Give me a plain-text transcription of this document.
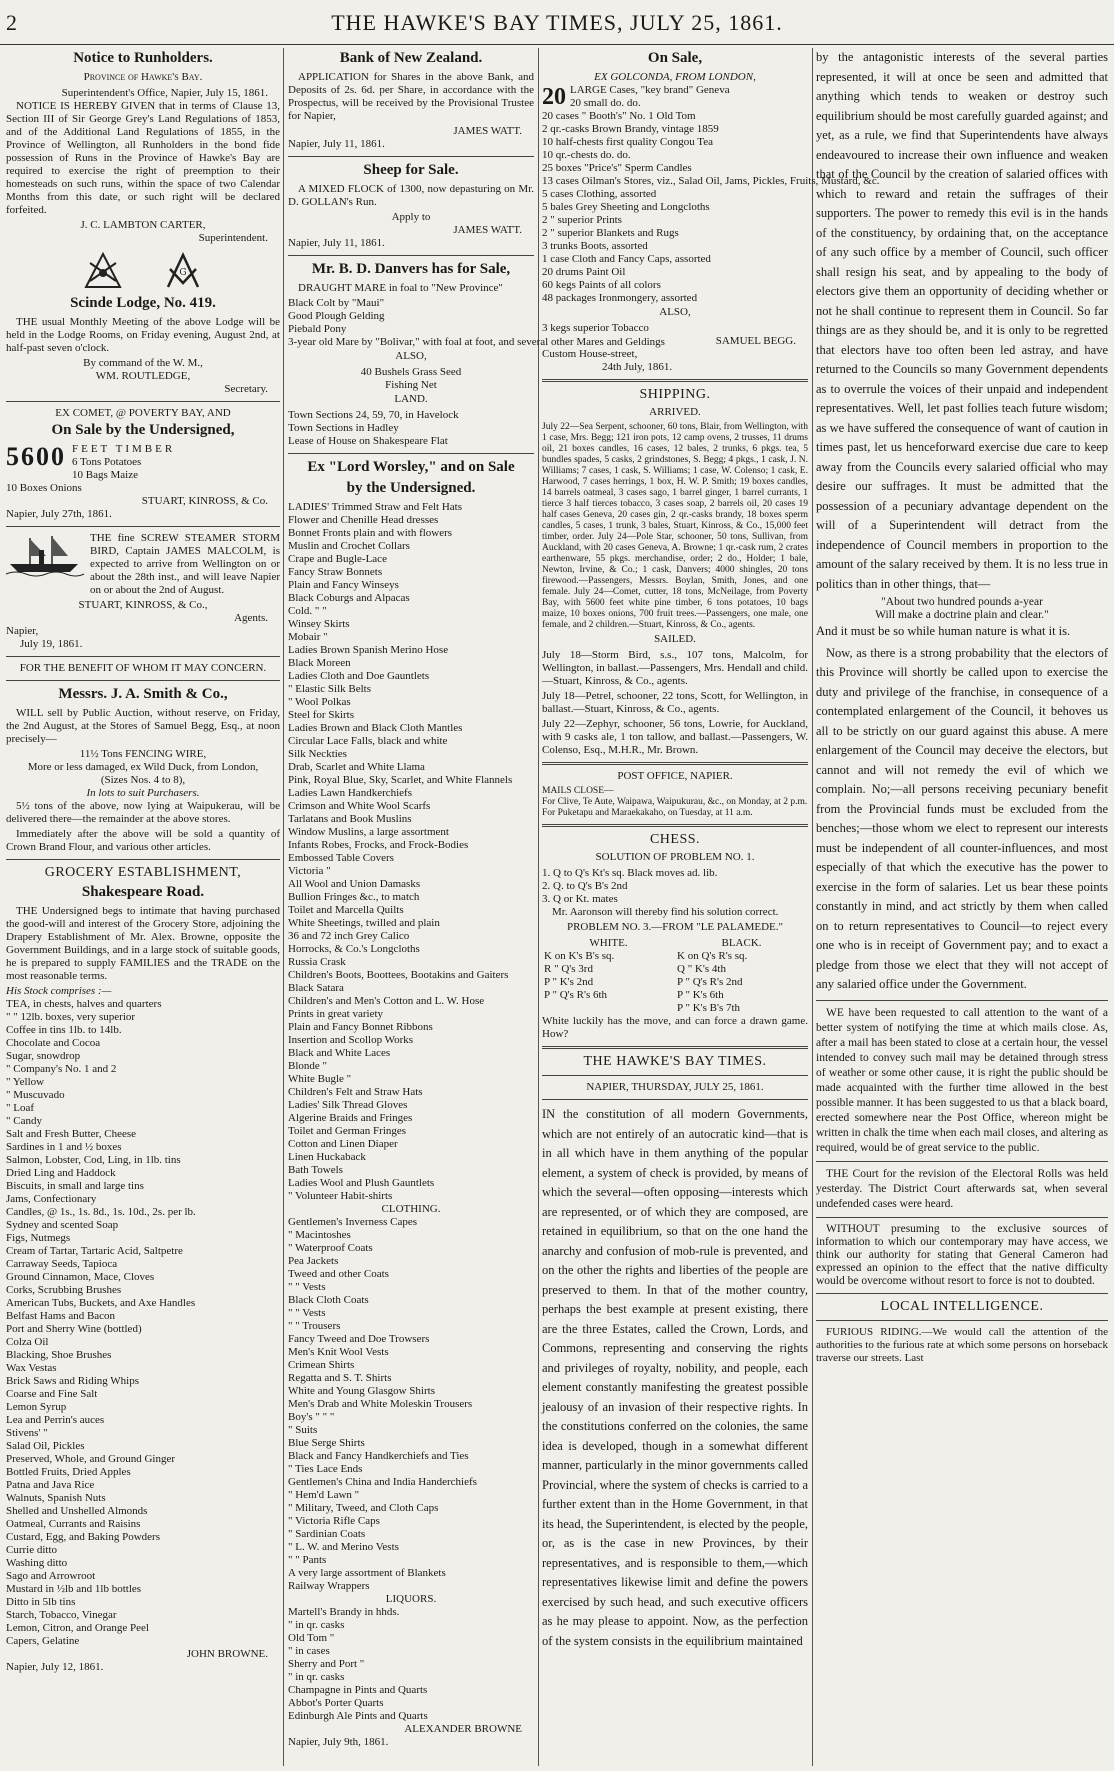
2	THE HAWKE'S BAY TIMES, JULY 25, 1861.
Notice to Runholders.
Province of Hawke's Bay.
Superintendent's Office, Napier, July 15, 1861.

NOTICE IS HEREBY GIVEN that in terms of Clause 13, Section III of Sir George Grey's Land Regulations of 1853, and of the Additional Land Regulations of 1855, in the Province of Wellington, all Runholders in the bond fide possession of Runs in the Province of Hawke's Bay are required to exercise the right of preemption to their homesteads on such runs, within the space of two Calendar Months from this date, or such right will be declared forfeited.

J. C. LAMBTON CARTER,
Superintendent.
G
Scinde Lodge, No. 419.

THE usual Monthly Meeting of the above Lodge will be held in the Lodge Rooms, on Friday evening, August 2nd, at half-past seven o'clock.

By command of the W. M.,
WM. ROUTLEDGE,
Secretary.
EX COMET, @ POVERTY BAY, AND
On Sale by the Undersigned,
5600 FEET TIMBER
6 Tons Potatoes
10 Bags Maize
10 Boxes Onions
STUART, KINROSS, & Co.
Napier, July 27th, 1861.

THE fine SCREW STEAMER STORM BIRD, Captain JAMES MALCOLM, is expected to arrive from Wellington on or about the 28th inst., and will leave Napier on or about the 2nd of August.

STUART, KINROSS, & Co.,
Agents.
Napier,
July 19, 1861.
FOR THE BENEFIT OF WHOM IT MAY CONCERN.
Messrs. J. A. Smith & Co.,

WILL sell by Public Auction, without reserve, on Friday, the 2nd August, at the Stores of Samuel Begg, Esq., at noon precisely—

11½ Tons FENCING WIRE,
More or less damaged, ex Wild Duck, from London,
(Sizes Nos. 4 to 8),
In lots to suit Purchasers.

5½ tons of the above, now lying at Waipukerau, will be delivered there—the remainder at the above stores.

Immediately after the above will be sold a quantity of Crown Brand Flour, and various other articles.

GROCERY ESTABLISHMENT,
Shakespeare Road.

THE Undersigned begs to intimate that having purchased the good-will and interest of the Grocery Store, adjoining the Drapery Establishment of Mr. Alex. Browne, opposite the Government Buildings, and in a large stock of suitable goods, he is prepared to supply FAMILIES and the TRADE on the most reasonable terms.

His Stock comprises :—
TEA, in chests, halves and quarters
" " 12lb. boxes, very superior
Coffee in tins 1lb. to 14lb.
Chocolate and Cocoa
Sugar, snowdrop
" Company's No. 1 and 2
" Yellow
" Muscuvado
" Loaf
" Candy
Salt and Fresh Butter, Cheese
Sardines in 1 and ½ boxes
Salmon, Lobster, Cod, Ling, in 1lb. tins
Dried Ling and Haddock
Biscuits, in small and large tins
Jams, Confectionary
Candles, @ 1s., 1s. 8d., 1s. 10d., 2s. per lb.
Sydney and scented Soap
Figs, Nutmegs
Cream of Tartar, Tartaric Acid, Saltpetre
Carraway Seeds, Tapioca
Ground Cinnamon, Mace, Cloves
Corks, Scrubbing Brushes
American Tubs, Buckets, and Axe Handles
Belfast Hams and Bacon
Port and Sherry Wine (bottled)
Colza Oil
Blacking, Shoe Brushes
Wax Vestas
Brick Saws and Riding Whips
Coarse and Fine Salt
Lemon Syrup
Lea and Perrin's auces
Stivens' "
Salad Oil, Pickles
Preserved, Whole, and Ground Ginger
Bottled Fruits, Dried Apples
Patna and Java Rice
Walnuts, Spanish Nuts
Shelled and Unshelled Almonds
Oatmeal, Currants and Raisins
Custard, Egg, and Baking Powders
Currie ditto
Washing ditto
Sago and Arrowroot
Mustard in ½lb and 1lb bottles
Ditto in 5lb tins
Starch, Tobacco, Vinegar
Lemon, Citron, and Orange Peel
Capers, Gelatine
JOHN BROWNE.
Napier, July 12, 1861.
Bank of New Zealand.

APPLICATION for Shares in the above Bank, and Deposits of 2s. 6d. per Share, in accordance with the Prospectus, will be received by the Provisional Trustee for Napier,

JAMES WATT.
Napier, July 11, 1861.
Sheep for Sale.

A MIXED FLOCK of 1300, now depasturing on Mr. D. GOLLAN's Run.

Apply to
JAMES WATT.
Napier, July 11, 1861.
Mr. B. D. Danvers has for Sale,

DRAUGHT MARE in foal to "New Province"

Black Colt by "Maui"
Good Plough Gelding
Piebald Pony
3-year old Mare by "Bolivar," with foal at foot, and several other Mares and Geldings
ALSO,
40 Bushels Grass Seed
Fishing Net
LAND.
Town Sections 24, 59, 70, in Havelock
Town Sections in Hadley
Lease of House on Shakespeare Flat
Ex "Lord Worsley," and on Sale
by the Undersigned.
LADIES' Trimmed Straw and Felt Hats
Flower and Chenille Head dresses
Bonnet Fronts plain and with flowers
Muslin and Crochet Collars
Crape and Bugle-Lace
Fancy Straw Bonnets
Plain and Fancy Winseys
Black Coburgs and Alpacas
Cold. " "
Winsey Skirts
Mobair "
Ladies Brown Spanish Merino Hose
Black Moreen
Ladies Cloth and Doe Gauntlets
" Elastic Silk Belts
" Wool Polkas
Steel for Skirts
Ladies Brown and Black Cloth Mantles
Circular Lace Falls, black and white
Silk Neckties
Drab, Scarlet and White Llama
Pink, Royal Blue, Sky, Scarlet, and White Flannels
Ladies Lawn Handkerchiefs
Crimson and White Wool Scarfs
Tarlatans and Book Muslins
Window Muslins, a large assortment
Infants Robes, Frocks, and Frock-Bodies
Embossed Table Covers
Victoria "
All Wool and Union Damasks
Bullion Fringes &c., to match
Toilet and Marcella Quilts
White Sheetings, twilled and plain
36 and 72 inch Grey Calico
Horrocks, & Co.'s Longcloths
Russia Crask
Children's Boots, Boottees, Bootakins and Gaiters
Black Satara
Children's and Men's Cotton and L. W. Hose
Prints in great variety
Plain and Fancy Bonnet Ribbons
Insertion and Scollop Works
Black and White Laces
Blonde "
White Bugle "
Children's Felt and Straw Hats
Ladies' Silk Thread Gloves
Algerine Braids and Fringes
Toilet and German Fringes
Cotton and Linen Diaper
Linen Huckaback
Bath Towels
Ladies Wool and Plush Gauntlets
" Volunteer Habit-shirts
CLOTHING.
Gentlemen's Inverness Capes
" Macintoshes
" Waterproof Coats
Pea Jackets
Tweed and other Coats
" " Vests
Black Cloth Coats
" " Vests
" " Trousers
Fancy Tweed and Doe Trowsers
Men's Knit Wool Vests
Crimean Shirts
Regatta and S. T. Shirts
White and Young Glasgow Shirts
Men's Drab and White Moleskin Trousers
Boy's " " "
" Suits
Blue Serge Shirts
Black and Fancy Handkerchiefs and Ties
" Ties Lace Ends
Gentlemen's China and India Handerchiefs
" Hem'd Lawn "
" Military, Tweed, and Cloth Caps
" Victoria Rifle Caps
" Sardinian Coats
" L. W. and Merino Vests
" " Pants
A very large assortment of Blankets
Railway Wrappers
LIQUORS.
Martell's Brandy in hhds.
" in qr. casks
Old Tom "
" in cases
Sherry and Port "
" in qr. casks
Champagne in Pints and Quarts
Abbot's Porter Quarts
Edinburgh Ale Pints and Quarts
ALEXANDER BROWNE
Napier, July 9th, 1861.
On Sale,
EX GOLCONDA, FROM LONDON,
20 LARGE Cases, "key brand" Geneva
20 small do. do.
20 cases " Booth's" No. 1 Old Tom
2 qr.-casks Brown Brandy, vintage 1859
10 half-chests first quality Congou Tea
10 qr.-chests do. do.
25 boxes "Price's" Sperm Candles
13 cases Oilman's Stores, viz., Salad Oil, Jams, Pickles, Fruits, Mustard, &c.
5 cases Clothing, assorted
5 bales Grey Sheeting and Longcloths
2 " superior Prints
2 " superior Blankets and Rugs
3 trunks Boots, assorted
1 case Cloth and Fancy Caps, assorted
20 drums Paint Oil
60 kegs Paints of all colors
48 packages Ironmongery, assorted
ALSO,
3 kegs superior Tobacco
SAMUEL BEGG.
Custom House-street,
24th July, 1861.
SHIPPING.
ARRIVED.

July 22—Sea Serpent, schooner, 60 tons, Blair, from Wellington, with 1 case, Mrs. Begg; 121 iron pots, 12 camp ovens, 2 trusses, 11 drums oil, 21 boxes candles, 16 cases, 12 bales, 2 trunks, 6 pkgs. tea, 5 bundles spades, 5 casks, 2 grindstones, S. Begg; 4 pkgs., 1 cask, J. N. Williams; 7 cases, 1 cask, S. Williams; 1 case, W. Colenso; 1 cask, E. Harwood, 7 cases herrings, 1 box, H. W. P. Smith; 19 boxes candles, 14 barrels oatmeal, 3 cases sago, 1 barrel ginger, 1 barrel currants, 1 tierce 3 half tierces tobacco, 3 cases soap, 2 barrels oil, 20 cases 19 half cases Geneva, 20 cases gin, 2 qr.-casks brandy, 18 boxes sperm candles, 5 cases, 1 trunk, 3 bales, Stuart, Kinross, & Co., 15,000 feet timber, order. July 24—Pole Star, schooner, 50 tons, Sullivan, from Auckland, with 20 cases Geneva, A. Browne; 1 qr.-cask rum, 2 crates earthenware, 55 pkgs. merchandise, order; 2 do., Holder; 1 bale, Newton, Irvine, & Co.; 1 cask, Danvers; 4000 shingles, 20 tons firewood.—Passengers, Messrs. Boylan, Smith, Jones, and one female. July 24—Comet, cutter, 18 tons, McNeilage, from Poverty Bay, with 5600 feet white pine timber, 6 tons potatoes, 10 bags maize, 10 boxes onions, 700 fruit trees.—Passengers, one male, one female, and 2 children.—Stuart, Kinross, & Co., agents.

SAILED.

July 18—Storm Bird, s.s., 107 tons, Malcolm, for Wellington, in ballast.—Passengers, Mrs. Hendall and child.—Stuart, Kinross, & Co., agents.

July 18—Petrel, schooner, 22 tons, Scott, for Wellington, in ballast.—Stuart, Kinross, & Co., agents.

July 22—Zephyr, schooner, 56 tons, Lowrie, for Auckland, with 9 casks ale, 1 ton tallow, and ballast.—Passengers, W. Colenso, Esq., M.H.R., Mr. Brown.

POST OFFICE, NAPIER.
MAILS CLOSE—
For Clive, Te Aute, Waipawa, Waipukurau, &c., on Monday, at 2 p.m.
For Puketapu and Maraekakaho, on Tuesday, at 11 a.m.
CHESS.
SOLUTION OF PROBLEM NO. 1.
1. Q to Q's Kt's sq. Black moves ad. lib.
2. Q. to Q's B's 2nd
3. Q or Kt. mates

Mr. Aaronson will thereby find his solution correct.

PROBLEM NO. 3.—FROM "LE PALAMEDE."
WHITE.	BLACK.
K on K's B's sq.	K on Q's R's sq.
R " Q's 3rd	Q " K's 4th
P " K's 2nd	P " Q's R's 2nd
P " Q's R's 6th	P " K's 6th
	P " K's B's 7th

White luckily has the move, and can force a drawn game. How?

THE HAWKE'S BAY TIMES.
NAPIER, THURSDAY, JULY 25, 1861.

IN the constitution of all modern Governments, which are not entirely of an autocratic kind—that is in all which have in them anything of the popular element, a system of check is provided, by means of which the several—often opposing—interests which are represented, or of which they are composed, are retained in equilibrium, so that on the one hand the anarchy and confusion of mob-rule is prevented, and on the other the rights and liberties of the people are preserved to them. In that of the mother country, perhaps the best example at present existing, there are the three Estates, called the Crown, Lords, and Commons, representing and conserving the rights and privileges of royalty, nobility, and people, each element constantly manifesting the greatest possible jealousy of an invasion of their respective rights. In the constitutions conferred on the colonies, the same idea is developed, though in a somewhat different manner, particularly in the minor governments called Provincial, where the system of checks is carried to a further extent than in the Home Government, in that its head, the Superintendent, is elected by the people, or, as is the case in new Provinces, by their representatives, and is responsible to them,—which representatives likewise limit and define the powers exercised by such head, and such executive officers as he may please to appoint. Now, as the perfection of the system consists in the equilibrium maintained

by the antagonistic interests of the several parties represented, it will at once be seen and admitted that anything which tends to weaken or destroy such equilibrium should be most carefully guarded against; and yet, as a rule, we find that Superintendents have always endeavoured to increase their own influence and weaken that of the Council by the creation of salaried offices with which to reward and retain the suffrages of their supporters. The power to remedy this evil is in the hands of the constituency, by ordaining that, on the acceptance of any such office by a member of Council, such officer shall resign his seat, and by appealing to the body of electors give them an opportunity of deciding whether or not he shall continue to represent them in Council. So far things are as they should be, and it is only to be regretted that electors have too often been led astray, and have returned to the Councils so many Government dependents as to overrule the voices of their unpaid and independent representatives. Well, let past follies teach future wisdom; as we have suffered the consequence of want of caution in times past, let us henceforward exercise due care to keep away from the Councils every salaried official who may desire our suffrages. It must be admitted that the possession of a pecuniary advantage dependent on the will of a Superintendent will detract from the independence of Council members in proportion to the amount of the salary received by them. It is no less true in politics than in other things, that—

"About two hundred pounds a-year
Will make a doctrine plain and clear."

And it must be so while human nature is what it is.

Now, as there is a strong probability that the electors of this Province will shortly be called upon to exercise the duty and privilege of the franchise, in consequence of a contemplated enlargement of the Council, it behoves us all to be strictly on our guard against this abuse. A mere enlargement of the Council may deceive the electors, but cannot and will not remedy the evil of which we complain. No;—all persons receiving pecuniary benefit from the Provincial funds must be excluded from the benches;—those whom we elect to represent our interests must be independent of all counter-influences, and most especially of that which the executive has the power to exercise in the form of salaries. Let us bear these points constantly in mind, and act strictly by them when called on to return representatives to Council—to reject every one who is in receipt of Government pay; and to exact a pledge from those we elect that they will not accept of any salaried office under the Government.

WE have been requested to call attention to the want of a better system of notifying the time at which mails close. As, after a mail has been stated to close at a certain hour, the vessel intended to convey such mail may be detained through stress of weather or some other cause, it is right the public should be made acquainted with the further time allowed in the best possible manner. It has been suggested to us that a black board, erected somewhere near the Post Office, whereon might be written in chalk the time when each mail closes, and altering as required, would be of great service to the public.

THE Court for the revision of the Electoral Rolls was held yesterday. The District Court afterwards sat, when several undefended cases were heard.

WITHOUT presuming to the exclusive sources of information to which our contemporary may have access, we think our authority for stating that General Cameron had expressed an opinion to the effect that the native difficulty would be overcome without resort to force is not to doubted.

LOCAL INTELLIGENCE.

FURIOUS RIDING.—We would call the attention of the authorities to the furious rate at which some persons on horseback traverse our streets. Last
